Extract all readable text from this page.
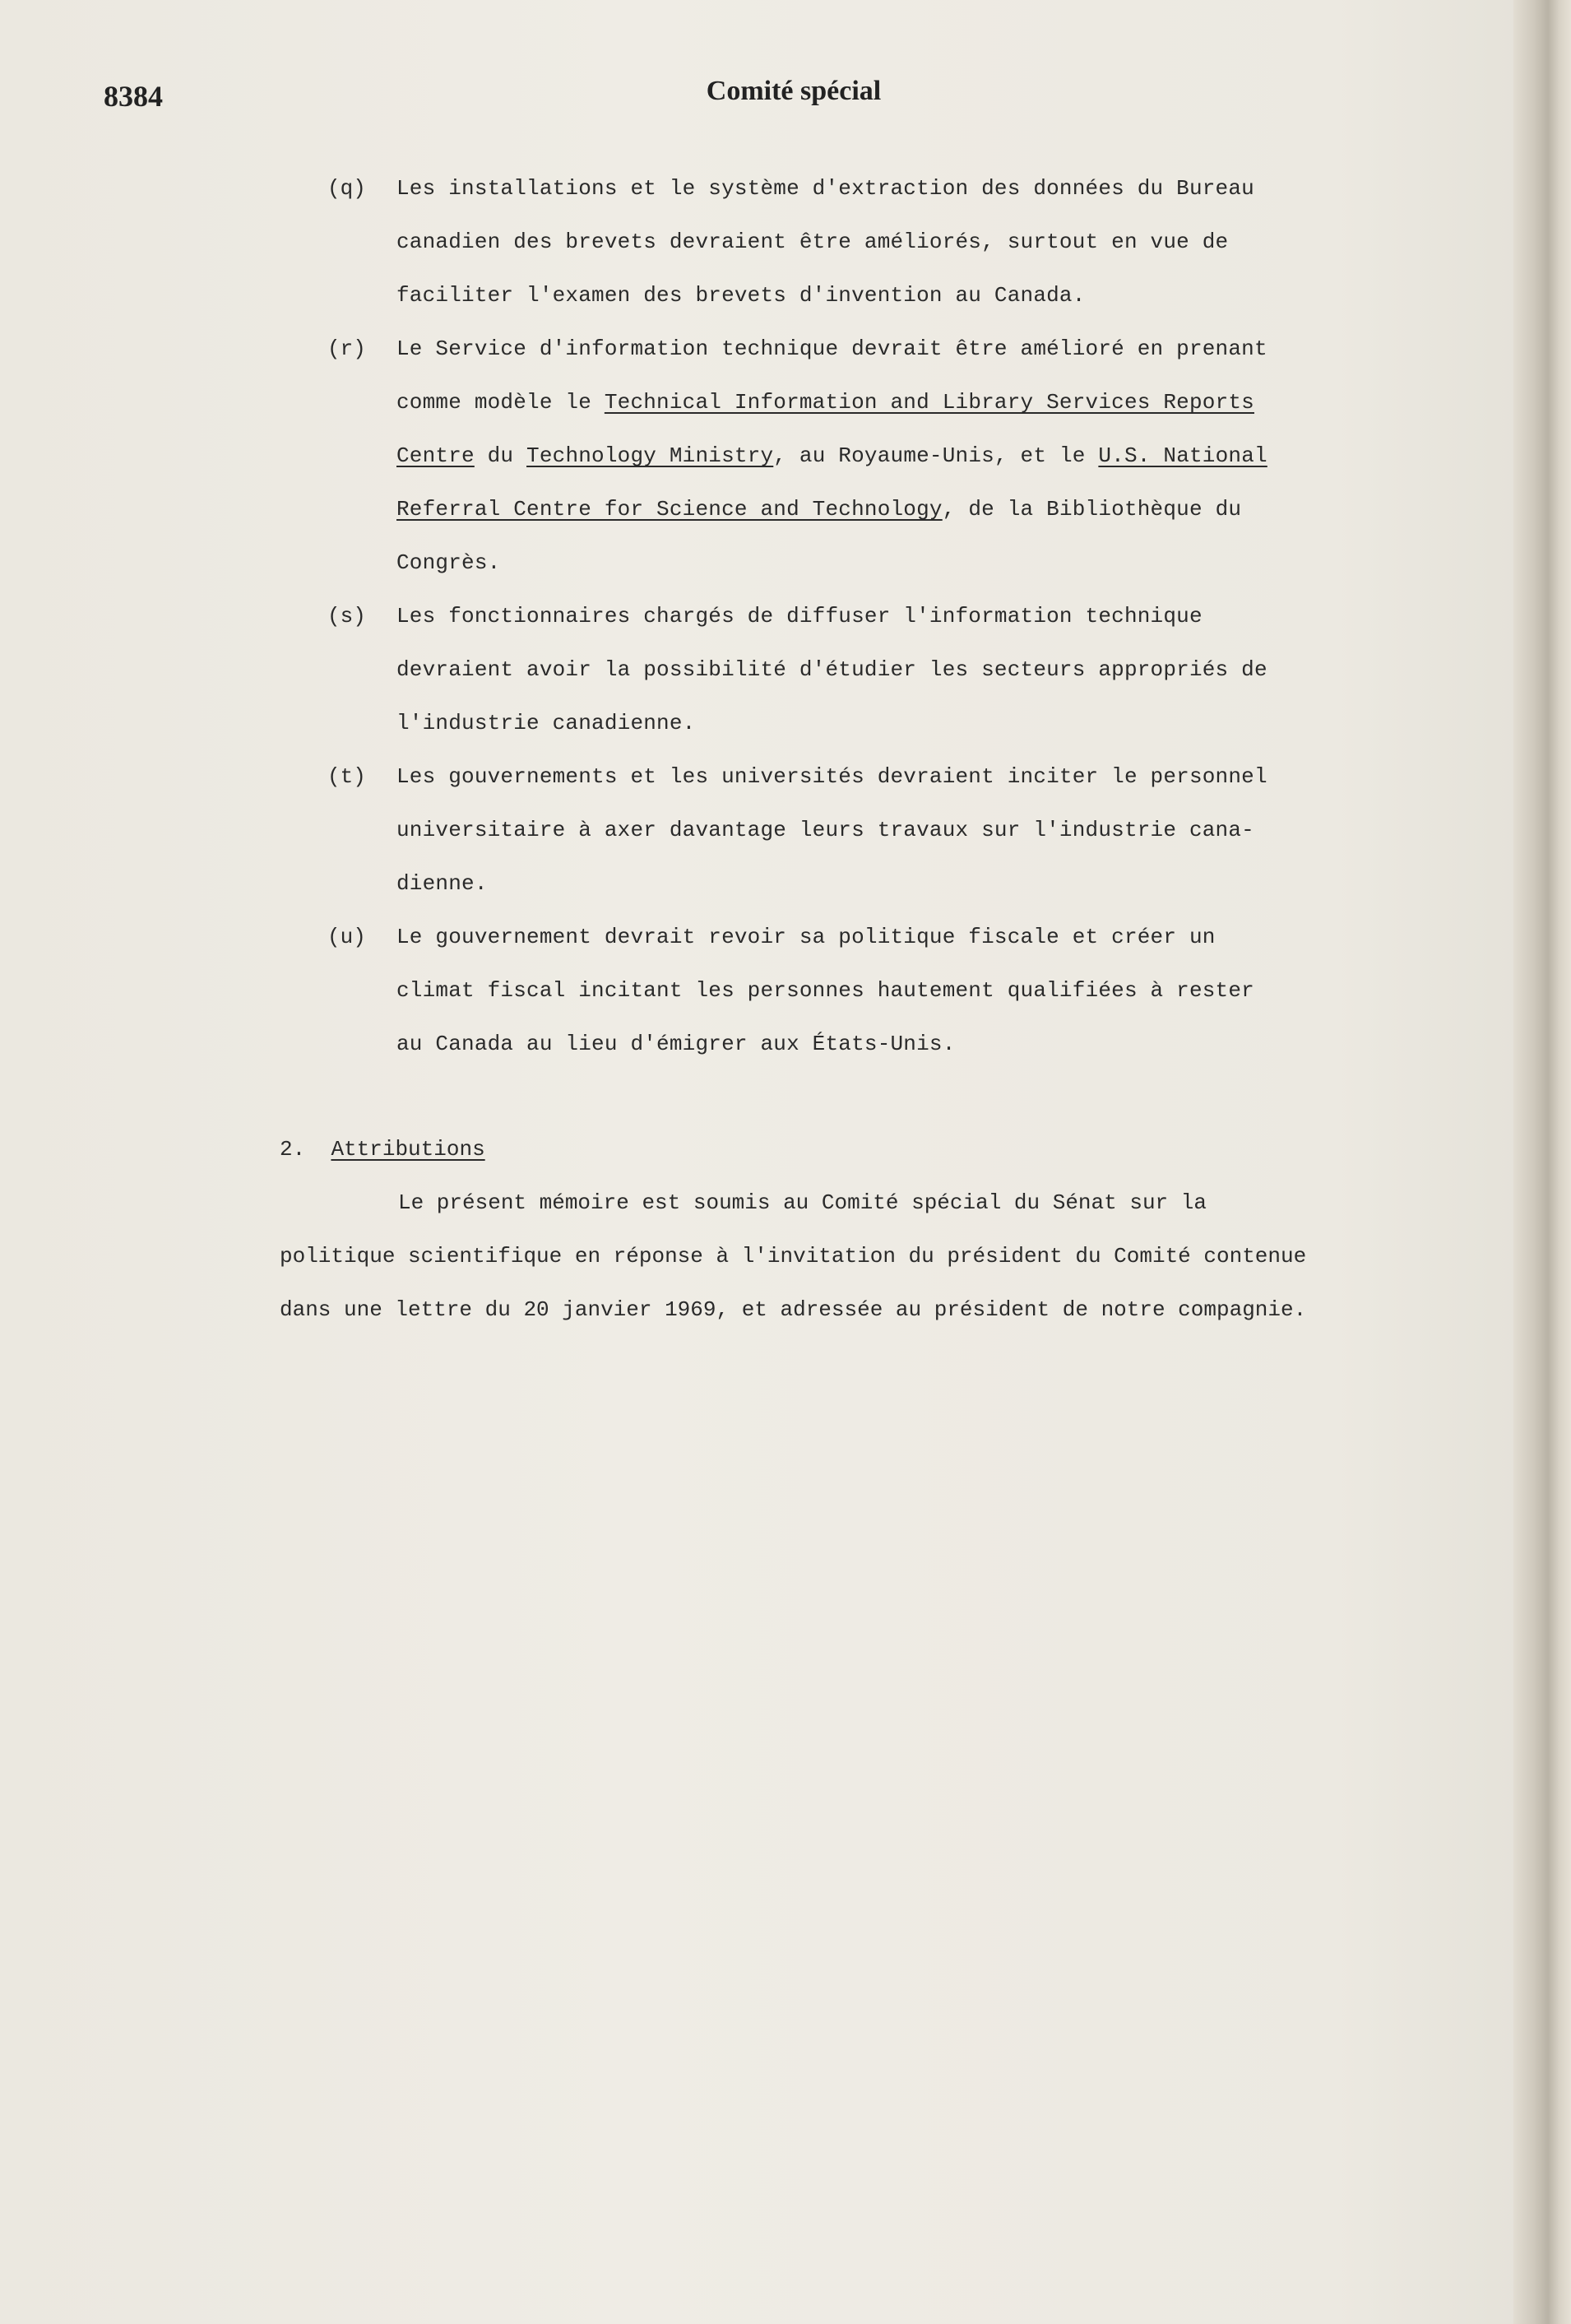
8384	Comité spécial
(q) Les installations et le système d'extraction des données du Bureau
canadien des brevets devraient être améliorés, surtout en vue de
faciliter l'examen des brevets d'invention au Canada.
(r) Le Service d'information technique devrait être amélioré en prenant
comme modèle le Technical Information and Library Services Reports
Centre du Technology Ministry, au Royaume-Unis, et le U.S. National
Referral Centre for Science and Technology, de la Bibliothèque du
Congrès.
(s) Les fonctionnaires chargés de diffuser l'information technique
devraient avoir la possibilité d'étudier les secteurs appropriés de
l'industrie canadienne.
(t) Les gouvernements et les universités devraient inciter le personnel
universitaire à axer davantage leurs travaux sur l'industrie cana-
dienne.
(u) Le gouvernement devrait revoir sa politique fiscale et créer un
climat fiscal incitant les personnes hautement qualifiées à rester
au Canada au lieu d'émigrer aux États-Unis.
2. Attributions
Le présent mémoire est soumis au Comité spécial du Sénat sur la
politique scientifique en réponse à l'invitation du président du Comité contenue
dans une lettre du 20 janvier 1969, et adressée au président de notre compagnie.
